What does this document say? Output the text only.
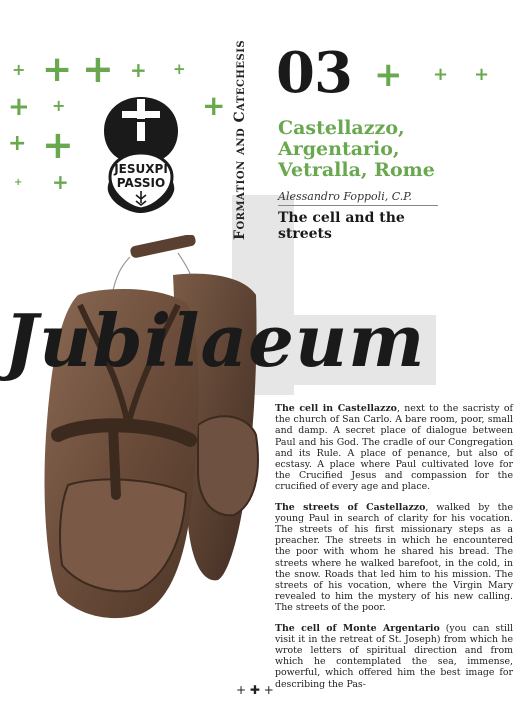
+ + + + +
+ +	+
+ +
+ +
+ + +
JESUXPI
PASSIO	Formation and Catechesis 03
Castellazzo, Argentario, Vetralla, Rome
Alessandro Foppoli, C.P.
The cell and the streets
Jubilaeum

The cell in Castellazzo, next to the sacristy of the church of San Carlo. A bare room, poor, small and damp. A secret place of dialogue between Paul and his God. The cradle of our Congregation and its Rule. A place of penance, but also of ecstasy. A place where Paul cultivated love for the Crucified Jesus and compassion for the crucified of every age and place.

The streets of Castellazzo, walked by the young Paul in search of clarity for his vocation. The streets of his first missionary steps as a preacher. The streets in which he encountered the poor with whom he shared his bread. The streets where he walked barefoot, in the cold, in the snow. Roads that led him to his mission. The streets of his vocation, where the Virgin Mary revealed to him the mystery of his new calling. The streets of the poor.

The cell of Monte Argentario (you can still visit it in the retreat of St. Joseph) from which he wrote letters of spiritual direction and from which he contemplated the sea, immense, powerful, which offered him the best image for describing the Pas-

+ ✚ +
